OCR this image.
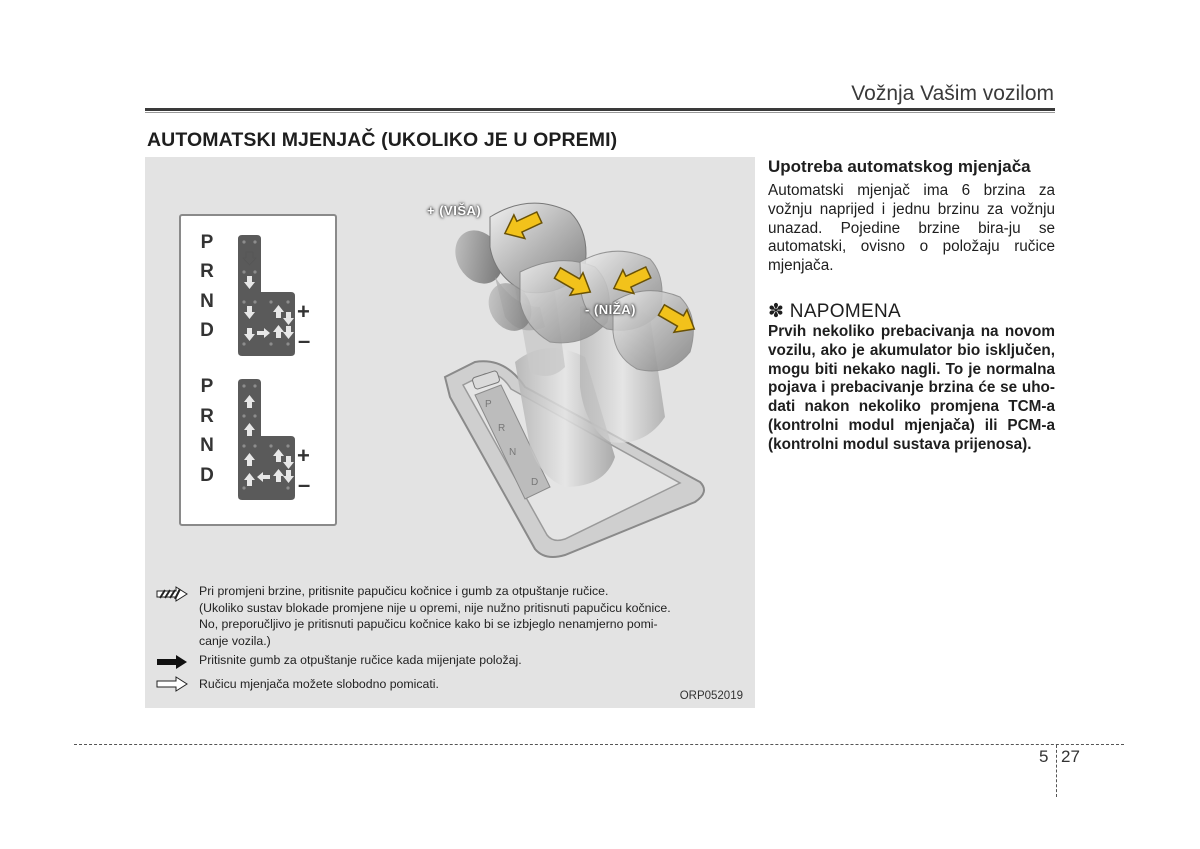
Vožnja Vašim vozilom
AUTOMATSKI MJENJAČ (UKOLIKO JE U OPREMI)
P
R
N
D
+ (VIŠA)
- (NIŽA)
P
R
N
D
+
–
P
R
N
D
+
–
Pri promjeni brzine, pritisnite papučicu kočnice i gumb za otpuštanje ručice.
(Ukoliko sustav blokade promjene nije u opremi, nije nužno pritisnuti papučicu kočnice.
No, preporučljivo je pritisnuti papučicu kočnice kako bi se izbjeglo nenamjerno pomi-
canje vozila.)
Pritisnite gumb za otpuštanje ručice kada mijenjate položaj.
Ručicu mjenjača možete slobodno pomicati.
ORP052019
Upotreba automatskog mjenjača
Automatski mjenjač ima 6 brzina za vožnju naprijed i jednu brzinu za vožnju unazad. Pojedine brzine bira-ju se automatski, ovisno o položaju ručice mjenjača.
✽ NAPOMENA
Prvih nekoliko prebacivanja na novom vozilu, ako je akumulator bio isključen, mogu biti nekako nagli. To je normalna pojava i prebacivanje brzina će se uho-dati nakon nekoliko promjena TCM-a (kontrolni modul mjenjača) ili PCM-a (kontrolni modul sustava prijenosa).
5 27
